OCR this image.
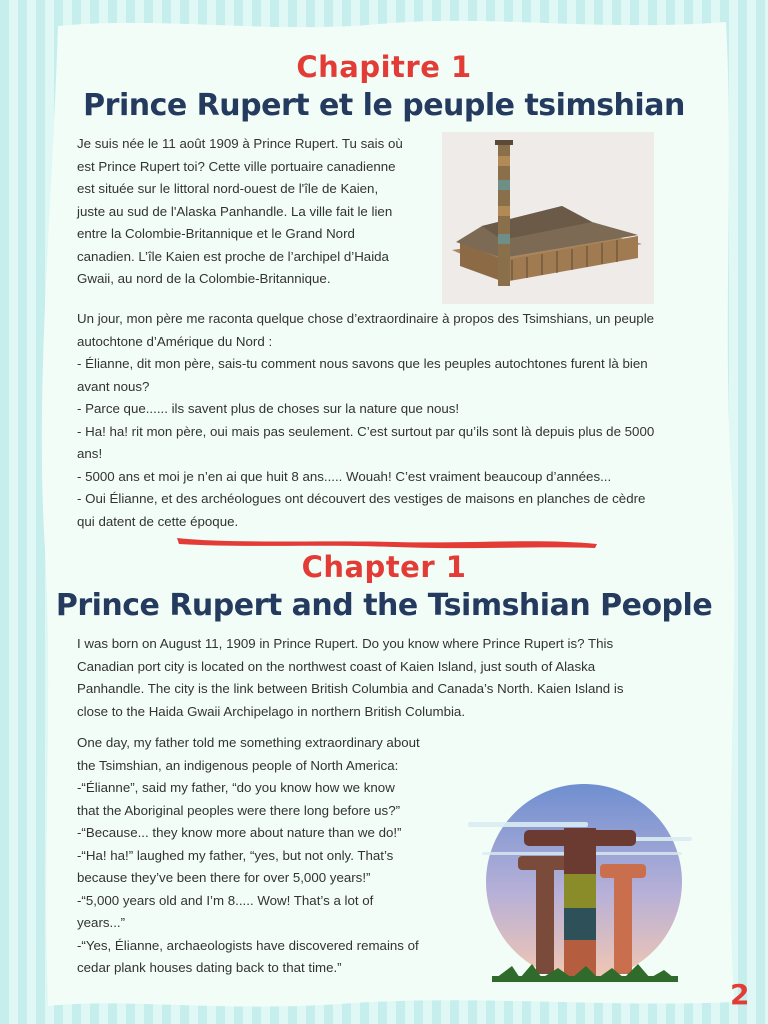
Chapitre 1
Prince Rupert et le peuple tsimshian

Je suis née le 11 août 1909 à Prince Rupert. Tu sais où

est Prince Rupert toi? Cette ville portuaire canadienne

est située sur le littoral nord-ouest de l'île de Kaien,

juste au sud de l'Alaska Panhandle. La ville fait le lien

entre la Colombie-Britannique et le Grand Nord

canadien. L’île Kaien est proche de l’archipel d’Haida

Gwaii, au nord de la Colombie-Britannique.

Un jour, mon père me raconta quelque chose d’extraordinaire à propos des Tsimshians, un peuple

autochtone d’Amérique du Nord :

- Élianne, dit mon père, sais-tu comment nous savons que les peuples autochtones furent là bien

avant nous?

- Parce que...... ils savent plus de choses sur la nature que nous!

- Ha! ha! rit mon père, oui mais pas seulement. C’est surtout par qu’ils sont là depuis plus de 5000

ans!

- 5000 ans et moi je n’en ai que huit 8 ans..... Wouah! C’est vraiment beaucoup d’années...

- Oui Élianne, et des archéologues ont découvert des vestiges de maisons en planches de cèdre

qui datent de cette époque.

Chapter 1
Prince Rupert and the Tsimshian People

I was born on August 11, 1909 in Prince Rupert. Do you know where Prince Rupert is? This

Canadian port city is located on the northwest coast of Kaien Island, just south of Alaska

Panhandle. The city is the link between British Columbia and Canada’s North. Kaien Island is

close to the Haida Gwaii Archipelago in northern British Columbia.

One day, my father told me something extraordinary about

the Tsimshian, an indigenous people of North America:

-“Élianne”, said my father, “do you know how we know

that the Aboriginal peoples were there long before us?”

-“Because... they know more about nature than we do!”

-“Ha! ha!” laughed my father, “yes, but not only. That’s

because they’ve been there for over 5,000 years!”

-“5,000 years old and I’m 8..... Wow! That’s a lot of

years...”

-“Yes, Élianne, archaeologists have discovered remains of

cedar plank houses dating back to that time.”

2
